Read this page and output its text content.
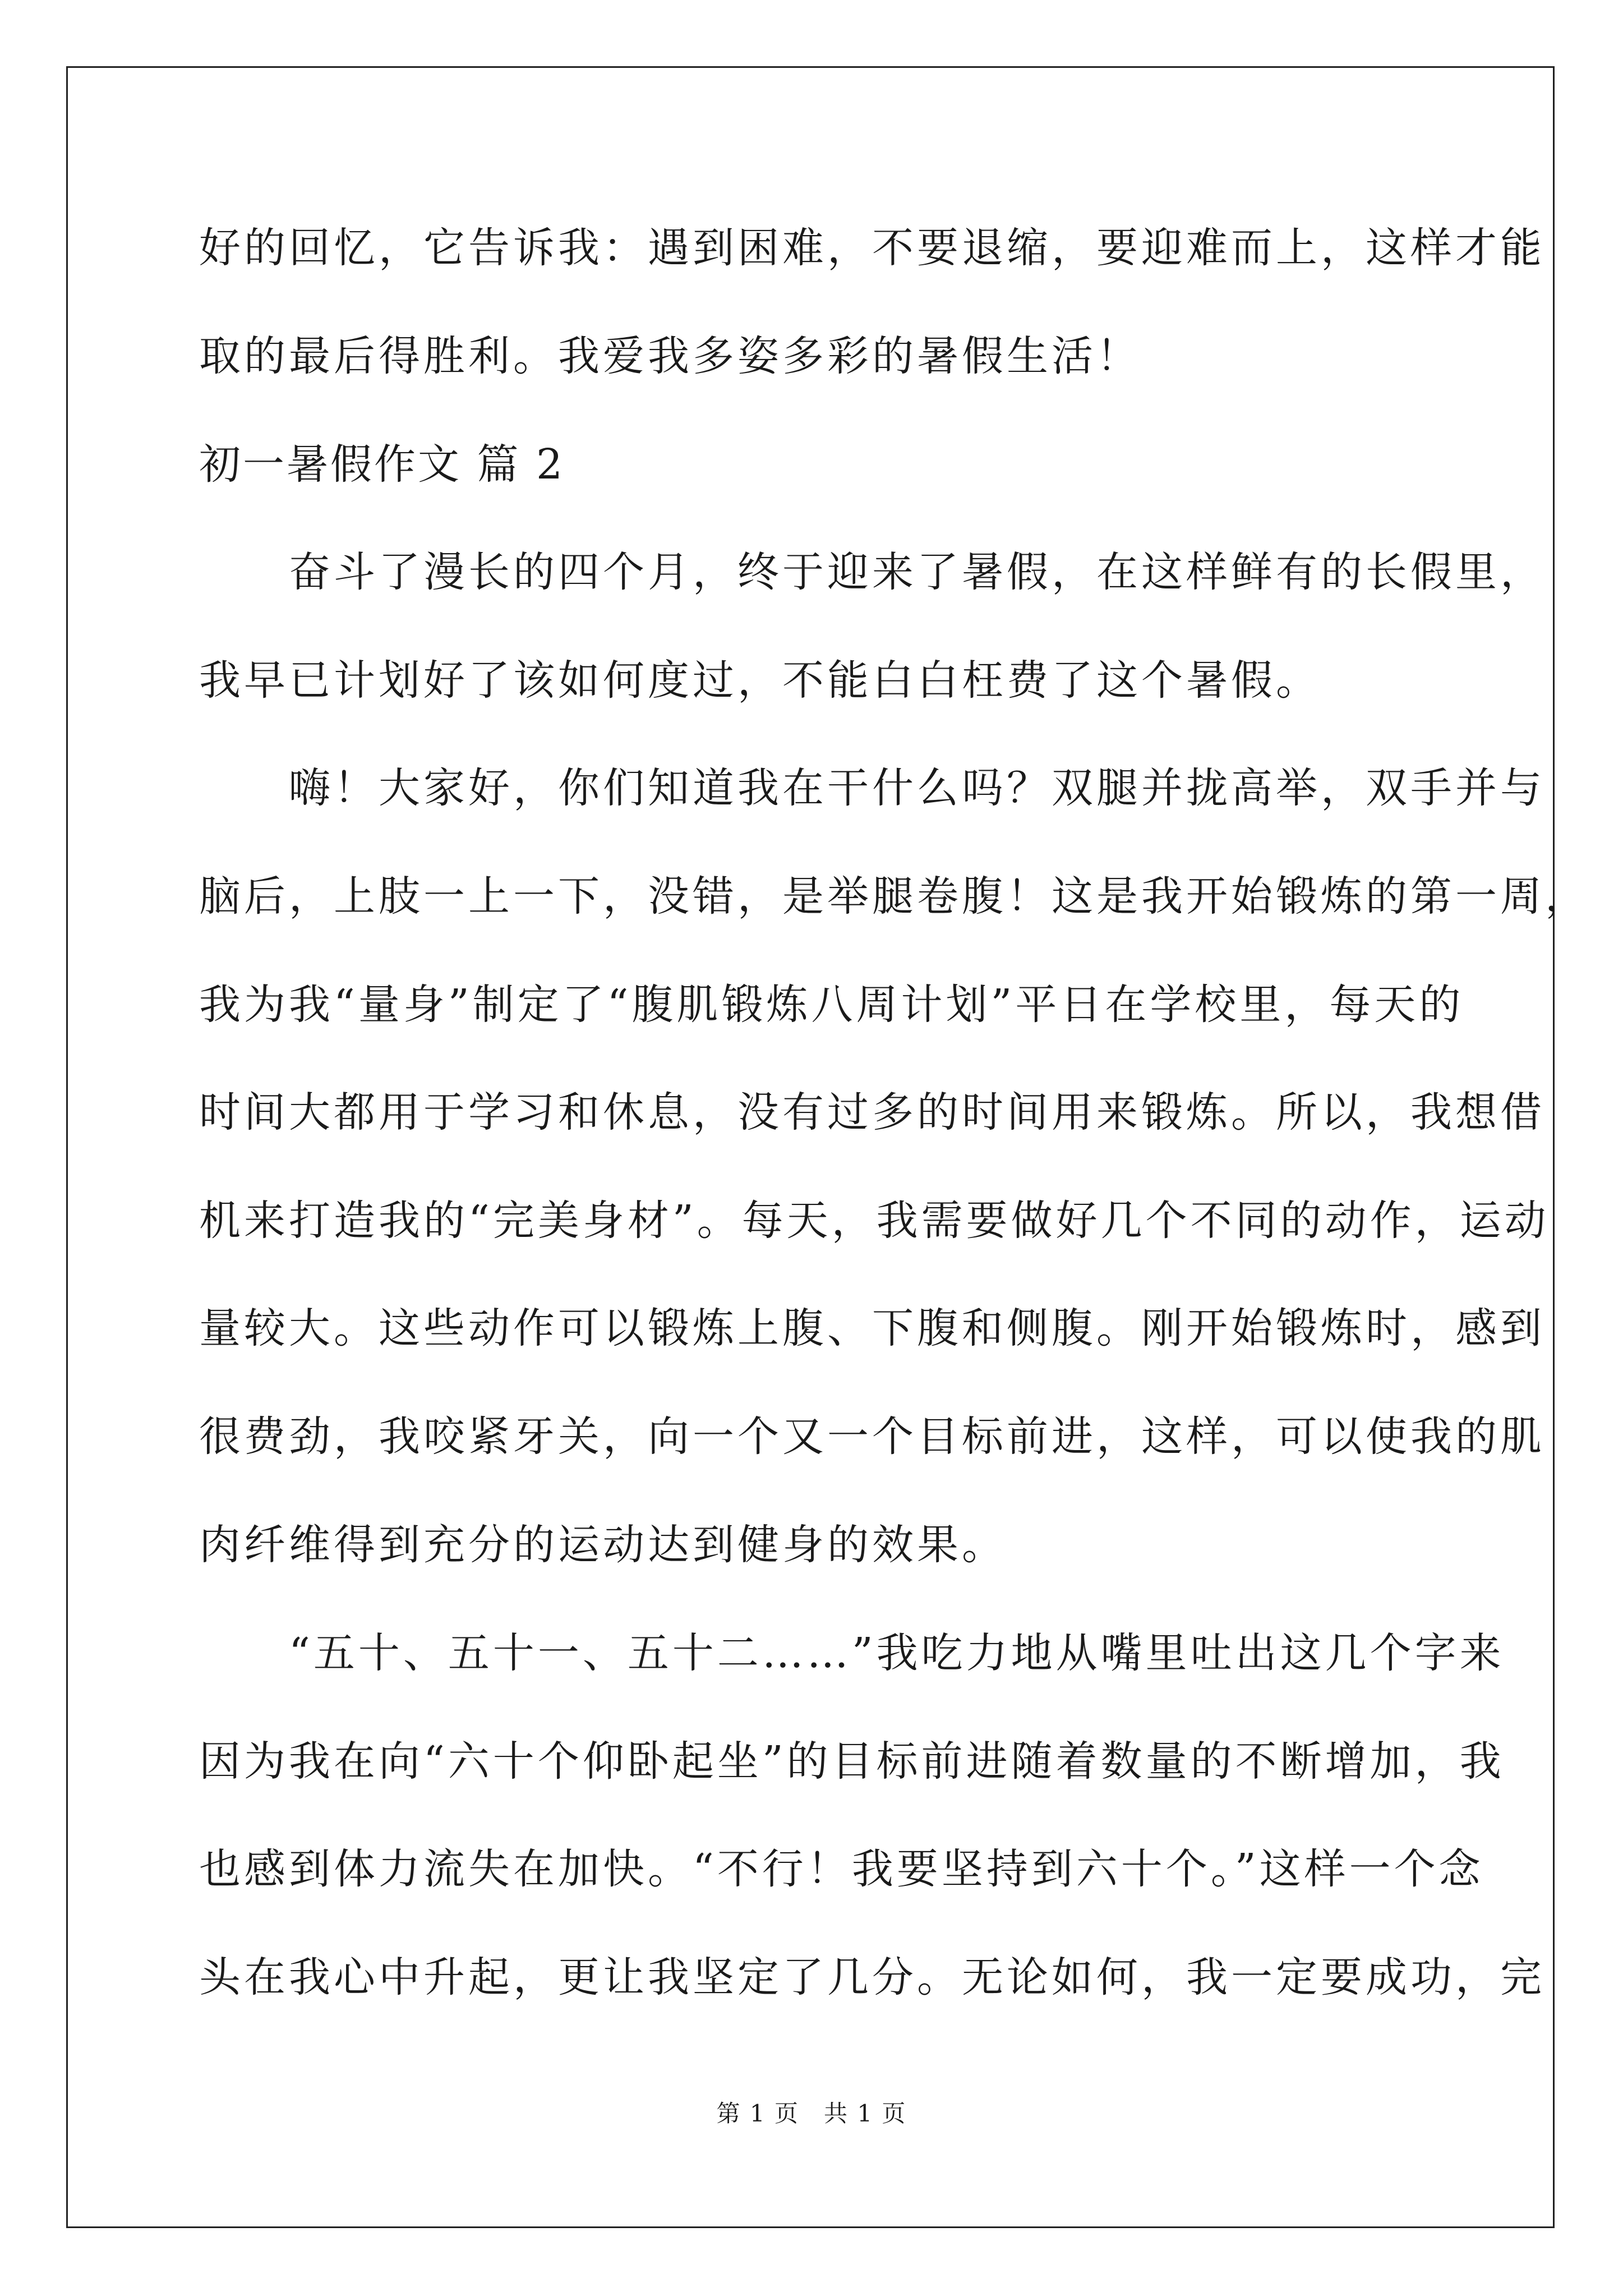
好的回忆，它告诉我：遇到困难，不要退缩，要迎难而上，这样才能
取的最后得胜利。我爱我多姿多彩的暑假生活！
初一暑假作文 篇 2
　　奋斗了漫长的四个月，终于迎来了暑假，在这样鲜有的长假里，
我早已计划好了该如何度过，不能白白枉费了这个暑假。
　　嗨！大家好，你们知道我在干什么吗？双腿并拢高举，双手并与
脑后，上肢一上一下，没错，是举腿卷腹！这是我开始锻炼的第一周，
我为我“量身”制定了“腹肌锻炼八周计划”平日在学校里，每天的
时间大都用于学习和休息，没有过多的时间用来锻炼。所以，我想借
机来打造我的“完美身材”。每天，我需要做好几个不同的动作，运动
量较大。这些动作可以锻炼上腹、下腹和侧腹。刚开始锻炼时，感到
很费劲，我咬紧牙关，向一个又一个目标前进，这样，可以使我的肌
肉纤维得到充分的运动达到健身的效果。
　　“五十、五十一、五十二……”我吃力地从嘴里吐出这几个字来
因为我在向“六十个仰卧起坐”的目标前进随着数量的不断增加，我
也感到体力流失在加快。“不行！我要坚持到六十个。”这样一个念
头在我心中升起，更让我坚定了几分。无论如何，我一定要成功，完
第 1 页　共 1 页
